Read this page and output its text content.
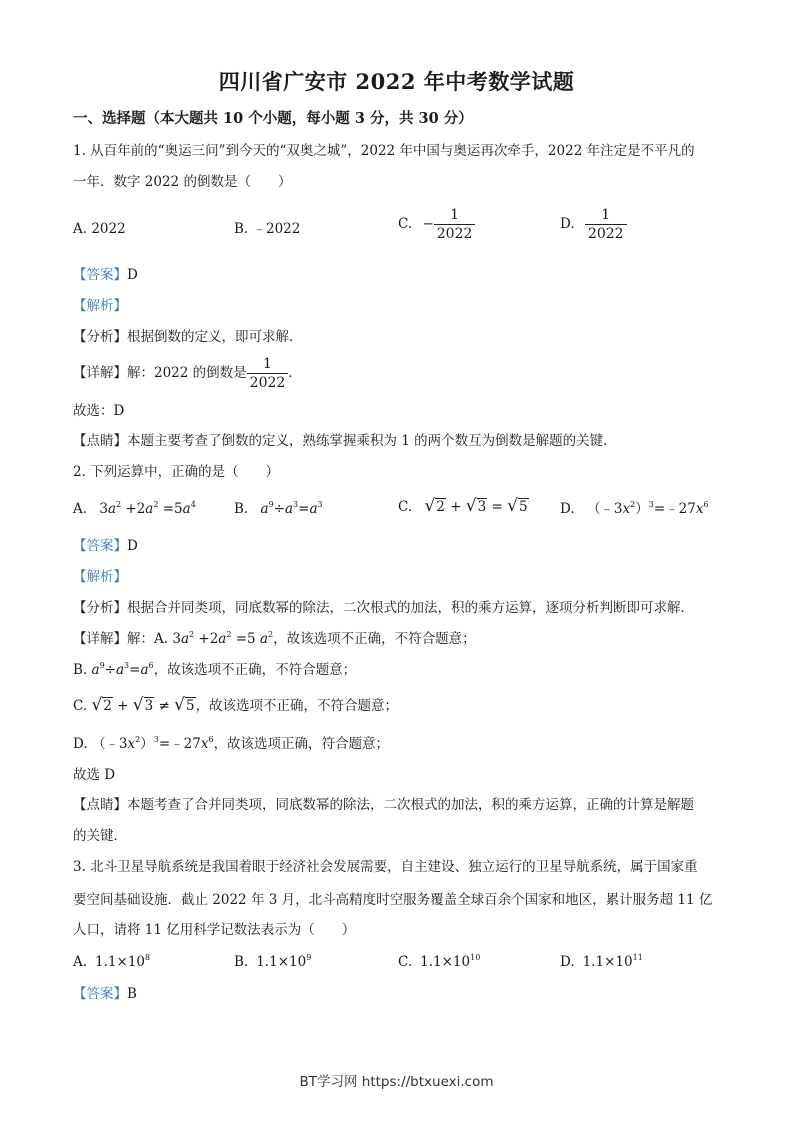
四川省广安市 2022 年中考数学试题
一、选择题（本大题共 10 个小题，每小题 3 分，共 30 分）
1. 从百年前的“奥运三问”到今天的“双奥之城”，2022 年中国与奥运再次牵手，2022 年注定是不平凡的
一年．数字 2022 的倒数是（　　）
A. 2022	B. ﹣2022	C. − $\frac{1}{2022}$	D. $\frac{1}{2022}$
【答案】D
【解析】
【分析】根据倒数的定义，即可求解．
【详解】解：2022 的倒数是 $\frac{1}{2022}$ ．
故选：D
【点睛】本题主要考查了倒数的定义，熟练掌握乘积为 1 的两个数互为倒数是解题的关键．
2. 下列运算中，正确的是（　　）
A. $3a^2 +2a^2 =5a^4$	B. $a^9\div a^3=a^3$	C. √ 2 + √ 3 = √ 5 D. $(﹣3x^2)^3=﹣27x^6$
【答案】D
【解析】
【分析】根据合并同类项，同底数幂的除法，二次根式的加法，积的乘方运算，逐项分析判断即可求解．
【详解】解：A. $3a^2 +2a^2 =5$ $a^2$，故该选项不正确，不符合题意；
B. $a^9\div a^3=a^6$，故该选项不正确，不符合题意；
C. √ 2 + √ 3 ≠ √ 5 ，故该选项不正确，不符合题意；
D. $(﹣3x^2)^3=﹣27x^6$，故该选项正确，符合题意；
故选 D
【点睛】本题考查了合并同类项，同底数幂的除法，二次根式的加法，积的乘方运算，正确的计算是解题
的关键．
3. 北斗卫星导航系统是我国着眼于经济社会发展需要，自主建设、独立运行的卫星导航系统，属于国家重
要空间基础设施．截止 2022 年 3 月，北斗高精度时空服务覆盖全球百余个国家和地区，累计服务超 11 亿
人口，请将 11 亿用科学记数法表示为（　　）
A. $1.1\times 10^8$	B. $1.1\times 10^9$	C. $1.1\times 10^{10}$	D. $1.1\times 10^{11}$
【答案】B
BT学习网 https://btxuexi.com
